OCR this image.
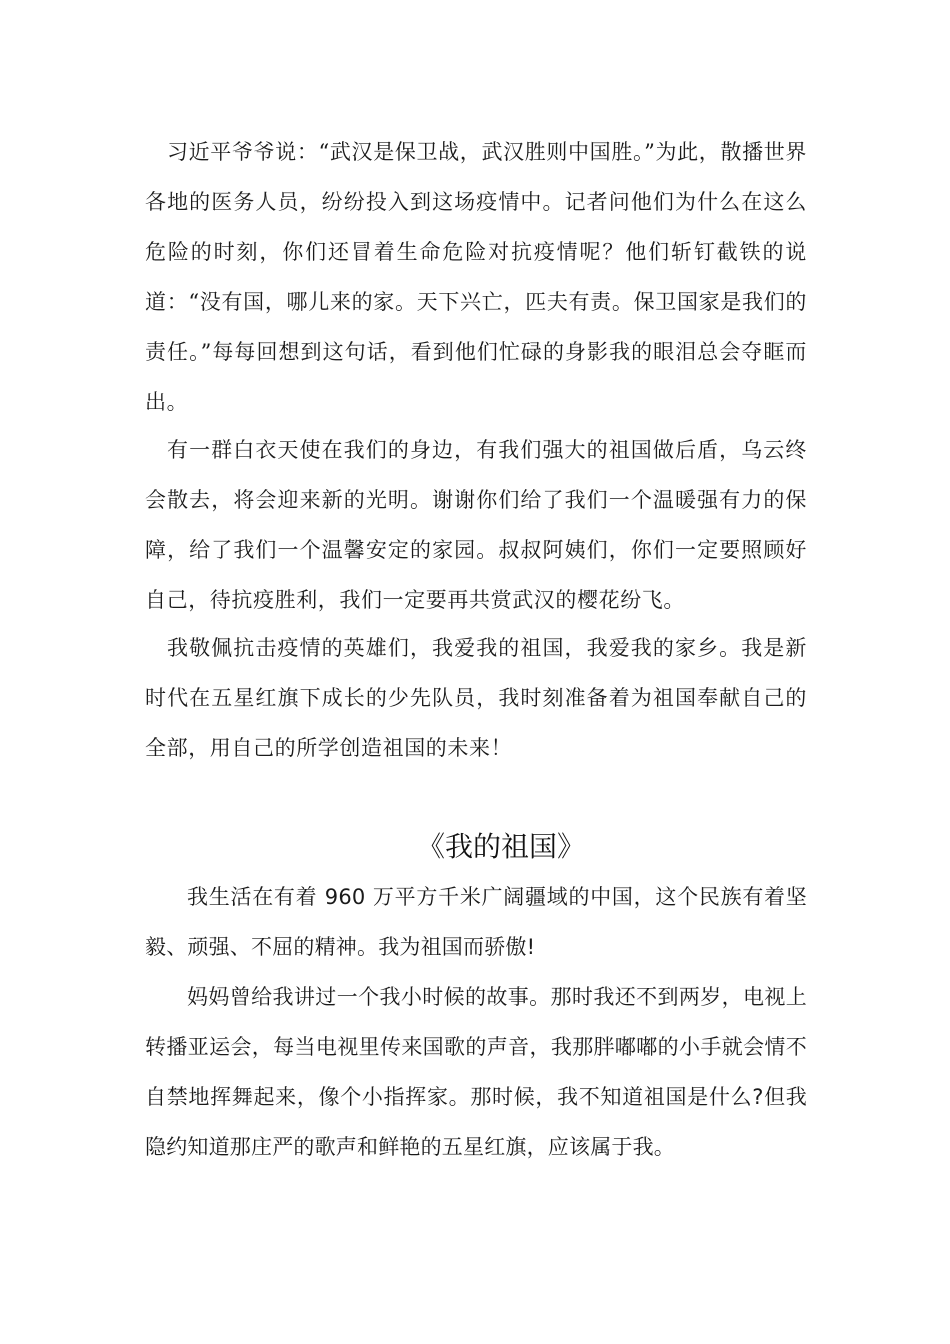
习近平爷爷说：“武汉是保卫战，武汉胜则中国胜。”为此，散播世界各地的医务人员，纷纷投入到这场疫情中。记者问他们为什么在这么危险的时刻，你们还冒着生命危险对抗疫情呢？他们斩钉截铁的说道：“没有国，哪儿来的家。天下兴亡，匹夫有责。保卫国家是我们的责任。”每每回想到这句话，看到他们忙碌的身影我的眼泪总会夺眶而出。

有一群白衣天使在我们的身边，有我们强大的祖国做后盾，乌云终会散去，将会迎来新的光明。谢谢你们给了我们一个温暖强有力的保障，给了我们一个温馨安定的家园。叔叔阿姨们，你们一定要照顾好自己，待抗疫胜利，我们一定要再共赏武汉的樱花纷飞。

我敬佩抗击疫情的英雄们，我爱我的祖国，我爱我的家乡。我是新时代在五星红旗下成长的少先队员，我时刻准备着为祖国奉献自己的全部，用自己的所学创造祖国的未来！

《我的祖国》

我生活在有着 960 万平方千米广阔疆域的中国，这个民族有着坚毅、顽强、不屈的精神。我为祖国而骄傲!

妈妈曾给我讲过一个我小时候的故事。那时我还不到两岁，电视上转播亚运会，每当电视里传来国歌的声音，我那胖嘟嘟的小手就会情不自禁地挥舞起来，像个小指挥家。那时候，我不知道祖国是什么?但我隐约知道那庄严的歌声和鲜艳的五星红旗，应该属于我。
